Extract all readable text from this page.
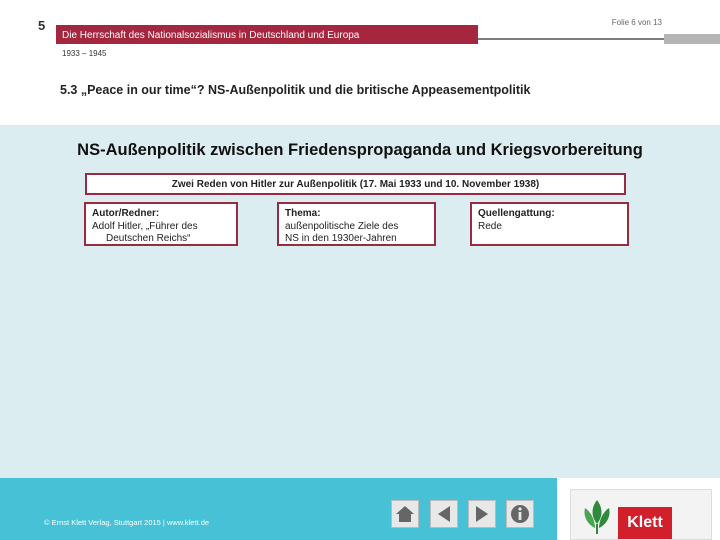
5	Folie 6 von 13
Die Herrschaft des Nationalsozialismus in Deutschland und Europa
1933 – 1945
5.3 „Peace in our time“? NS-Außenpolitik und die britische Appeasementpolitik
NS-Außenpolitik zwischen Friedenspropaganda und Kriegsvorbereitung
Zwei Reden von Hitler zur Außenpolitik (17. Mai 1933 und 10. November 1938)
Autor/Redner:
Adolf Hitler, „Führer des
Deutschen Reichs“
Thema:
außenpolitische Ziele des
NS in den 1930er-Jahren
Quellengattung:
Rede
© Ernst Klett Verlag, Stuttgart 2015 | www.klett.de	Klett
